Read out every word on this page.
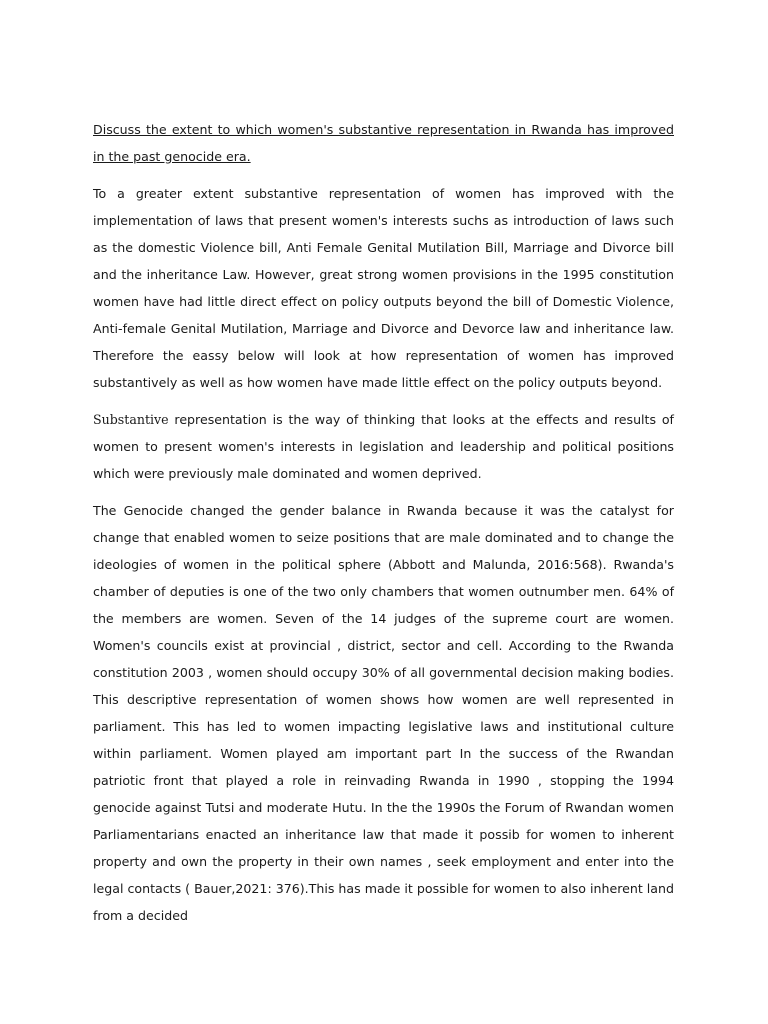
Discuss the extent to which women's substantive representation in Rwanda has improved in the past genocide era.

To a greater extent substantive representation of women has improved with the implementation of laws that present women's interests suchs as introduction of laws such as the domestic Violence bill, Anti Female Genital Mutilation Bill, Marriage and Divorce bill and the inheritance Law. However, great strong women provisions in the 1995 constitution women have had little direct effect on policy outputs beyond the bill of Domestic Violence, Anti-female Genital Mutilation, Marriage and Divorce and Devorce law and inheritance law. Therefore the eassy below will look at how representation of women has improved substantively as well as how women have made little effect on the policy outputs beyond.

Substantive representation is the way of thinking that looks at the effects and results of women to present women's interests in legislation and leadership and political positions which were previously male dominated and women deprived.

The Genocide changed the gender balance in Rwanda because it was the catalyst for change that enabled women to seize positions that are male dominated and to change the ideologies of women in the political sphere (Abbott and Malunda, 2016:568). Rwanda's chamber of deputies is one of the two only chambers that women outnumber men. 64% of the members are women. Seven of the 14 judges of the supreme court are women. Women's councils exist at provincial , district, sector and cell. According to the Rwanda constitution 2003 , women should occupy 30% of all governmental decision making bodies. This descriptive representation of women shows how women are well represented in parliament. This has led to women impacting legislative laws and institutional culture within parliament. Women played am important part In the success of the Rwandan patriotic front that played a role in reinvading Rwanda in 1990 , stopping the 1994 genocide against Tutsi and moderate Hutu. In the the 1990s the Forum of Rwandan women Parliamentarians enacted an inheritance law that made it possib for women to inherent property and own the property in their own names , seek employment and enter into the legal contacts ( Bauer,2021: 376).This has made it possible for women to also inherent land from a decided
